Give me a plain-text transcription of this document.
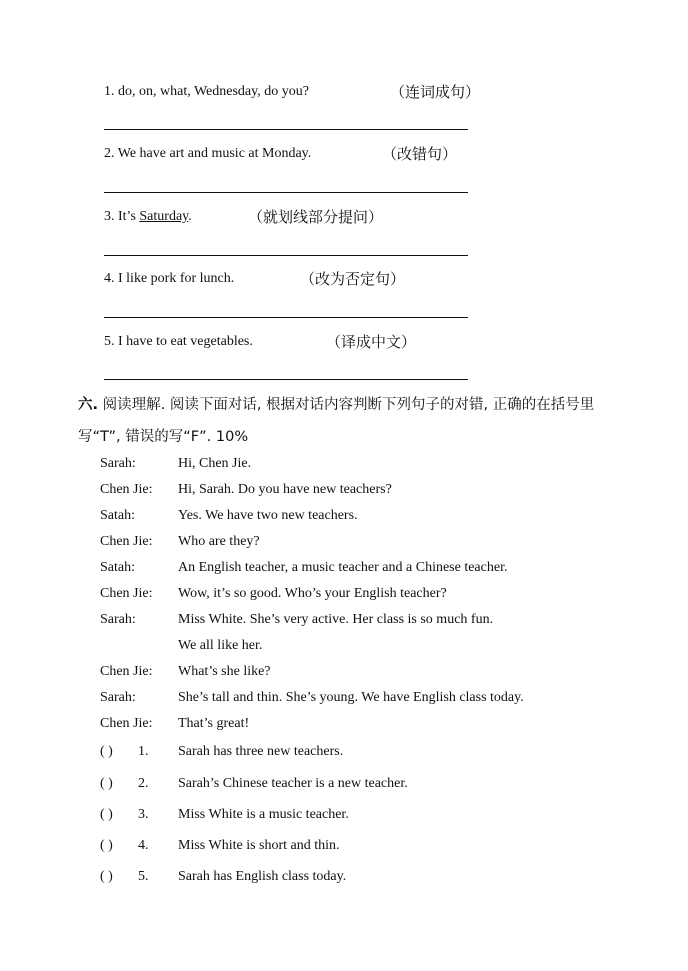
1. do, on, what, Wednesday, do you?	（连词成句）
2. We have art and music at Monday.	（改错句）
3. It’s Saturday.	（就划线部分提问）
4. I like pork for lunch.	（改为否定句）
5. I have to eat vegetables.	（译成中文）
六. 阅读理解. 阅读下面对话, 根据对话内容判断下列句子的对错, 正确的在括号里写“T”, 错误的写“F”. 10%
Sarah:	Hi, Chen Jie.
Chen Jie: Hi, Sarah. Do you have new teachers?
Satah:	Yes. We have two new teachers.
Chen Jie: Who are they?
Satah:	An English teacher, a music teacher and a Chinese teacher.
Chen Jie: Wow, it’s so good. Who’s your English teacher?
Sarah:	Miss White. She’s very active. Her class is so much fun.
We all like her.
Chen Jie: What’s she like?
Sarah:	She’s tall and thin. She’s young. We have English class today.
Chen Jie: That’s great!
( ) 1. Sarah has three new teachers.
( ) 2. Sarah’s Chinese teacher is a new teacher.
( ) 3. Miss White is a music teacher.
( ) 4. Miss White is short and thin.
( ) 5. Sarah has English class today.
